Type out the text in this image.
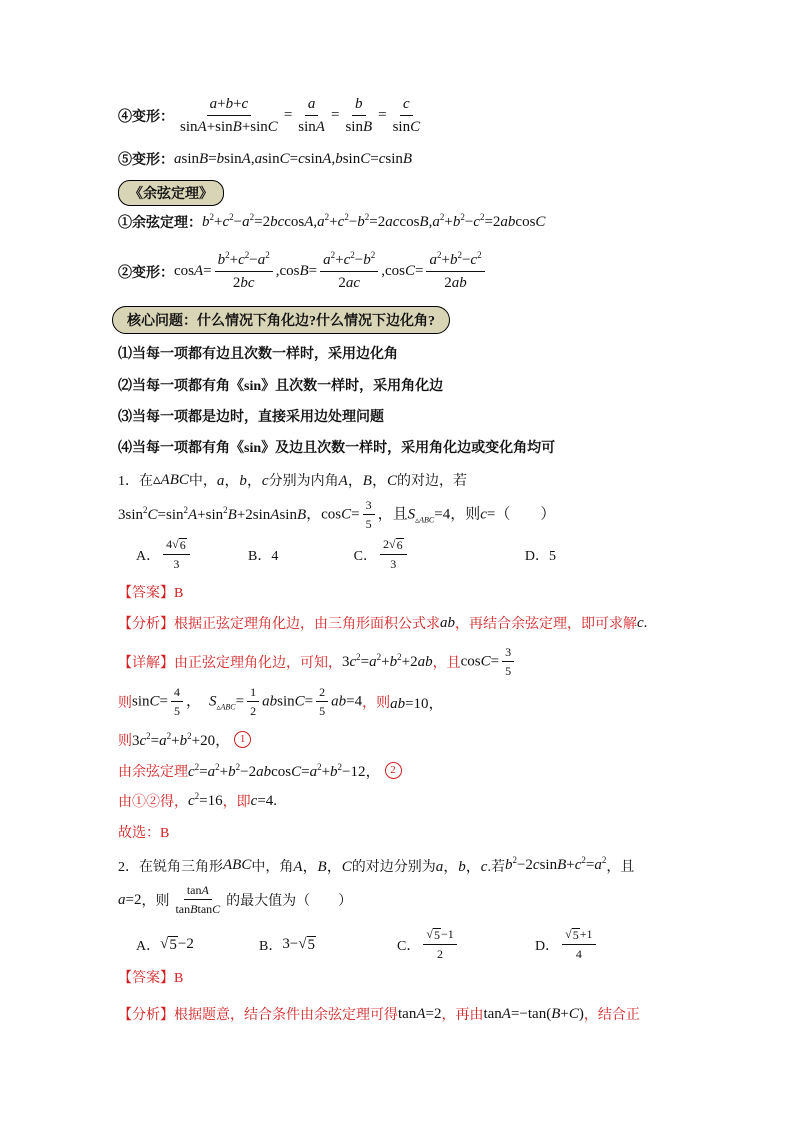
④变形： $\frac{a+b+c}{\sin A+\sin B+\sin C} = \frac{a}{\sin A} = \frac{b}{\sin B} = \frac{c}{\sin C}$
⑤变形： asinB=bsinA,asinC=csinA,bsinC=csinB
《余弦定理》
①余弦定理： $b^2+c^2-a^2=2bccosA,a^2+c^2-b^2=2accosB,a^2+b^2-c^2=2abcosC$
②变形： $\cos A= \frac{b^2+c^2-a^2}{2bc} ,\cos B= \frac{a^2+c^2-b^2}{2ac} ,\cos C= \frac{a^2+b^2-c^2}{2ab}$
核心问题：什么情况下角化边?什么情况下边化角?
⑴当每一项都有边且次数一样时，采用边化角
⑵当每一项都有角《sin》且次数一样时，采用角化边
⑶当每一项都是边时，直接采用边处理问题
⑷当每一项都有角《sin》及边且次数一样时，采用角化边或变化角均可
1．在 ▵ABC 中， a，b，c 分别为内角 A，B，C 的对边，若
$3\sin^2C=\sin^2A+\sin^2B+2sinAsinB$ ，$\cos C= \frac{3}{5}$ ，且$S_{▵ABC}=4$，则c=（　　）
A． $\frac{4√ 6}{3}$	B．4	C． $\frac{2√ 6}{3}$	D．5
【答案】B
【分析】根据正弦定理角化边，由三角形面积公式求 ab ，再结合余弦定理，即可求解 c.
【详解】由正弦定理角化边，可知， $3c^2=a^2+b^2+2ab$ ，且 $\cos C= \frac{3}{5}$
则 $\sin C= \frac{4}{5}$ ， $S_{▵ABC}= \frac{1}{2} absinC= \frac{2}{5} ab=4$ ，则 ab=10，
则 $3c^2=a^2+b^2+20$， 1
由余弦定理 $c^2=a^2+b^2-2abcosC=a^2+b^2-12$， 2
由①②得， $c^2=16$ ，即 c=4.
故选：B
2．在锐角三角形 ABC 中，角 A，B，C 的对边分别为 a，b，c .若 $b^2-2csinB+c^2=a^2$ ，且
a=2 ，则 $\frac{\tan A}{\text{tanBtanC}}$ 的最大值为（　　）
A． √ 5 −2	B． 3−√ 5	C． $\frac{√ 5 -1}{2}$	D． $\frac{√ 5 +1}{4}$
【答案】B
【分析】根据题意，结合条件由余弦定理可得 tanA=2 ，再由 tanA=−tan(B+C) ，结合正
